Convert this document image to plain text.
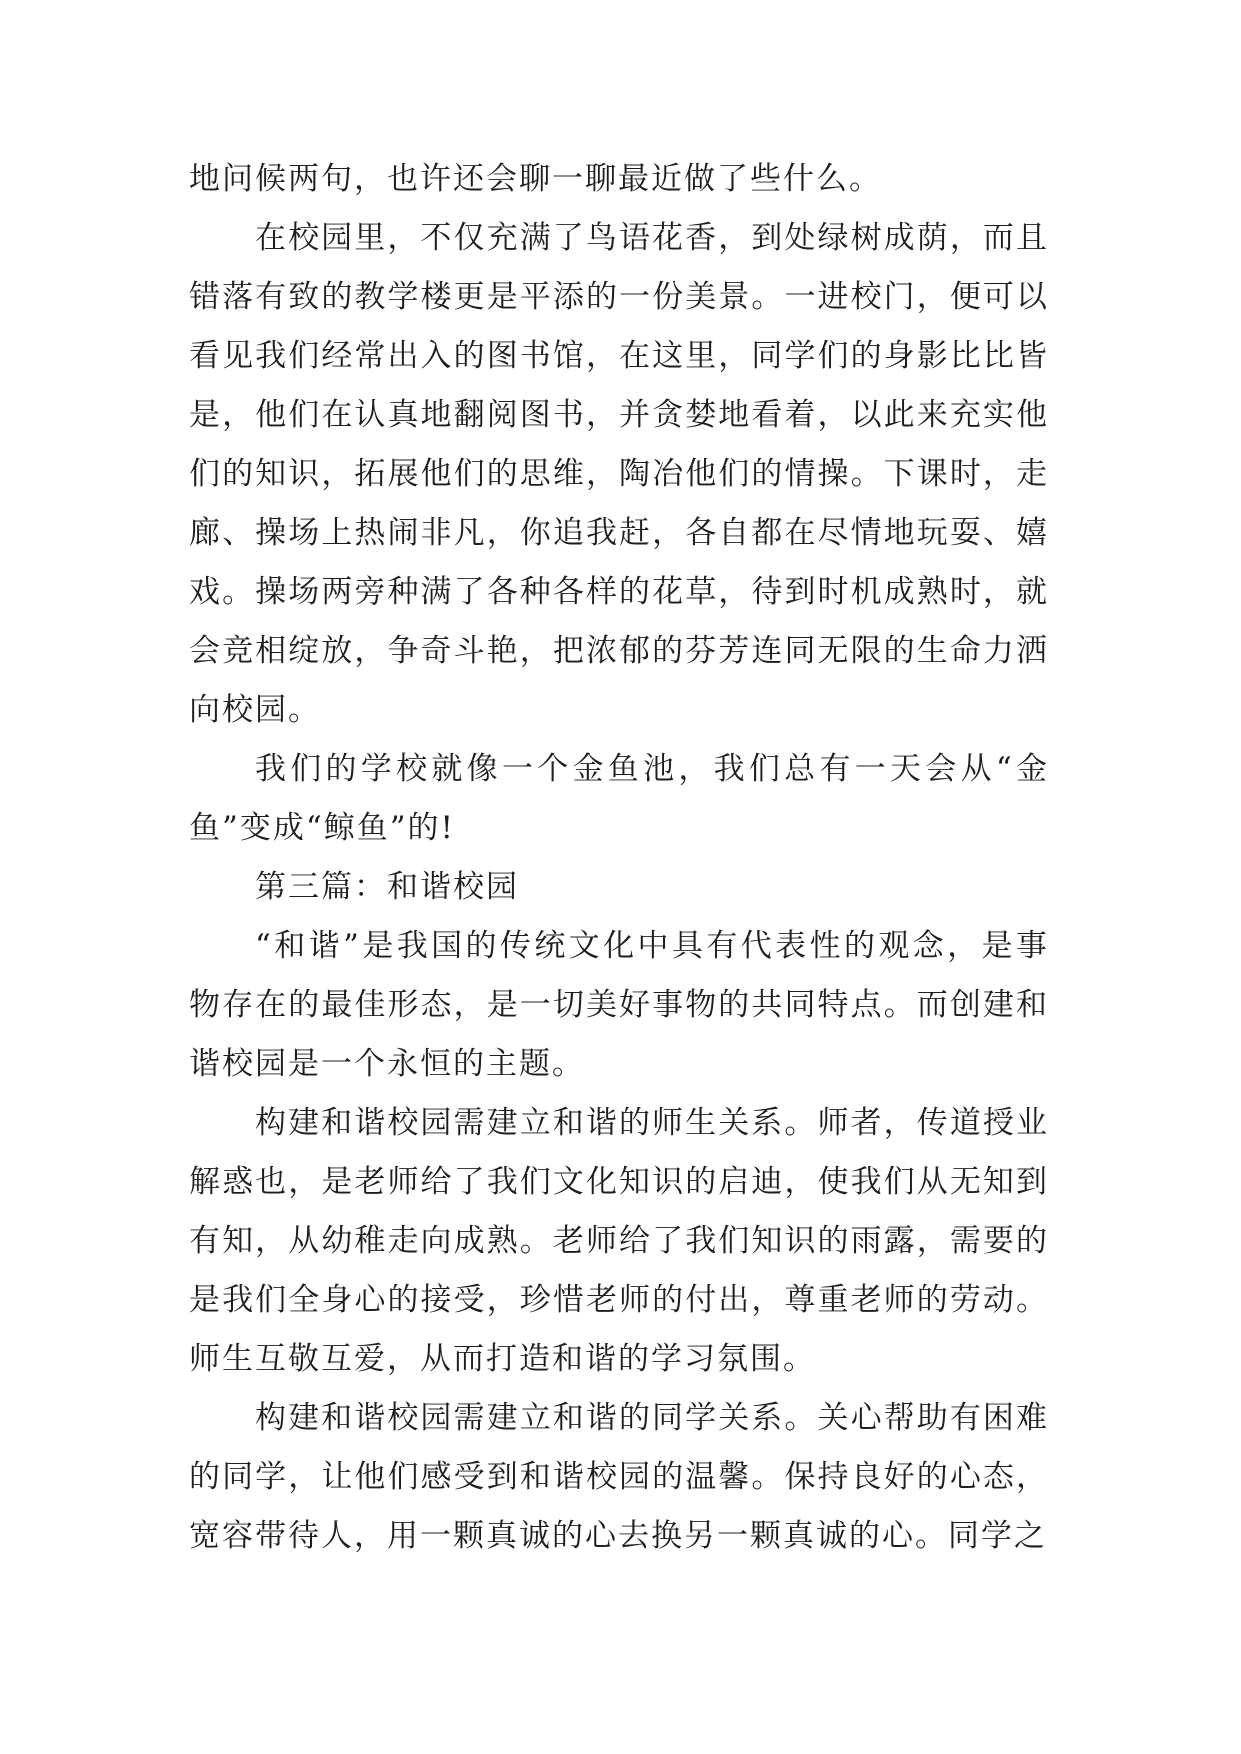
地问候两句，也许还会聊一聊最近做了些什么。

在校园里，不仅充满了鸟语花香，到处绿树成荫，而且错落有致的教学楼更是平添的一份美景。一进校门，便可以看见我们经常出入的图书馆，在这里，同学们的身影比比皆是，他们在认真地翻阅图书，并贪婪地看着，以此来充实他们的知识，拓展他们的思维，陶冶他们的情操。下课时，走廊、操场上热闹非凡，你追我赶，各自都在尽情地玩耍、嬉戏。操场两旁种满了各种各样的花草，待到时机成熟时，就会竞相绽放，争奇斗艳，把浓郁的芬芳连同无限的生命力洒向校园。

我们的学校就像一个金鱼池，我们总有一天会从“金鱼”变成“鲸鱼”的!

第三篇：和谐校园

“和谐”是我国的传统文化中具有代表性的观念，是事物存在的最佳形态，是一切美好事物的共同特点。而创建和谐校园是一个永恒的主题。

构建和谐校园需建立和谐的师生关系。师者，传道授业解惑也，是老师给了我们文化知识的启迪，使我们从无知到有知，从幼稚走向成熟。老师给了我们知识的雨露，需要的是我们全身心的接受，珍惜老师的付出，尊重老师的劳动。师生互敬互爱，从而打造和谐的学习氛围。

构建和谐校园需建立和谐的同学关系。关心帮助有困难的同学，让他们感受到和谐校园的温馨。保持良好的心态，宽容带待人，用一颗真诚的心去换另一颗真诚的心。同学之
